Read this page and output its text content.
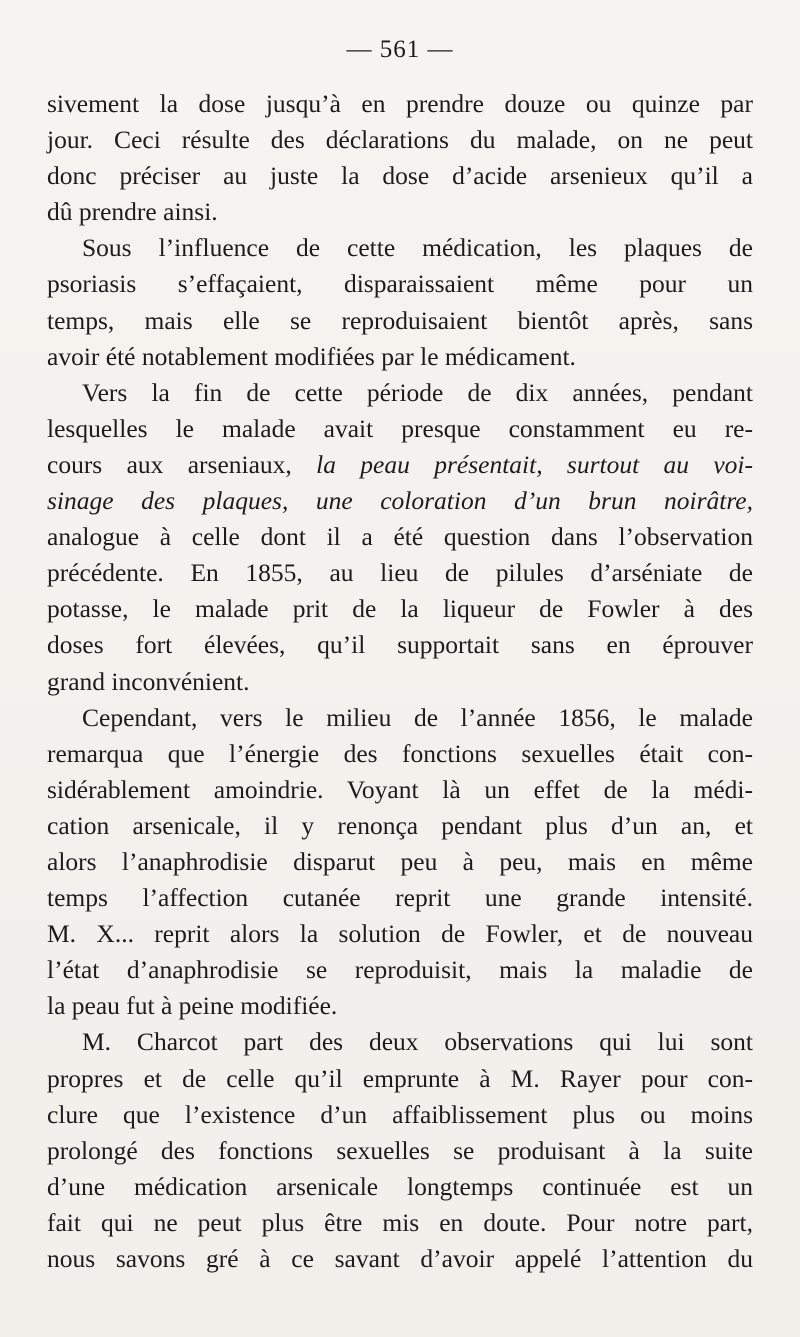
— 561 —
sivement la dose jusqu’à en prendre douze ou quinze par
jour. Ceci résulte des déclarations du malade, on ne peut
donc préciser au juste la dose d’acide arsenieux qu’il a
dû prendre ainsi.
Sous l’influence de cette médication, les plaques de
psoriasis s’effaçaient, disparaissaient même pour un
temps, mais elle se reproduisaient bientôt après, sans
avoir été notablement modifiées par le médicament.
Vers la fin de cette période de dix années, pendant
lesquelles le malade avait presque constamment eu re-
cours aux arseniaux, la peau présentait, surtout au voi-
sinage des plaques, une coloration d’un brun noirâtre,
analogue à celle dont il a été question dans l’observation
précédente. En 1855, au lieu de pilules d’arséniate de
potasse, le malade prit de la liqueur de Fowler à des
doses fort élevées, qu’il supportait sans en éprouver
grand inconvénient.
Cependant, vers le milieu de l’année 1856, le malade
remarqua que l’énergie des fonctions sexuelles était con-
sidérablement amoindrie. Voyant là un effet de la médi-
cation arsenicale, il y renonça pendant plus d’un an, et
alors l’anaphrodisie disparut peu à peu, mais en même
temps l’affection cutanée reprit une grande intensité.
M. X... reprit alors la solution de Fowler, et de nouveau
l’état d’anaphrodisie se reproduisit, mais la maladie de
la peau fut à peine modifiée.
M. Charcot part des deux observations qui lui sont
propres et de celle qu’il emprunte à M. Rayer pour con-
clure que l’existence d’un affaiblissement plus ou moins
prolongé des fonctions sexuelles se produisant à la suite
d’une médication arsenicale longtemps continuée est un
fait qui ne peut plus être mis en doute. Pour notre part,
nous savons gré à ce savant d’avoir appelé l’attention du
